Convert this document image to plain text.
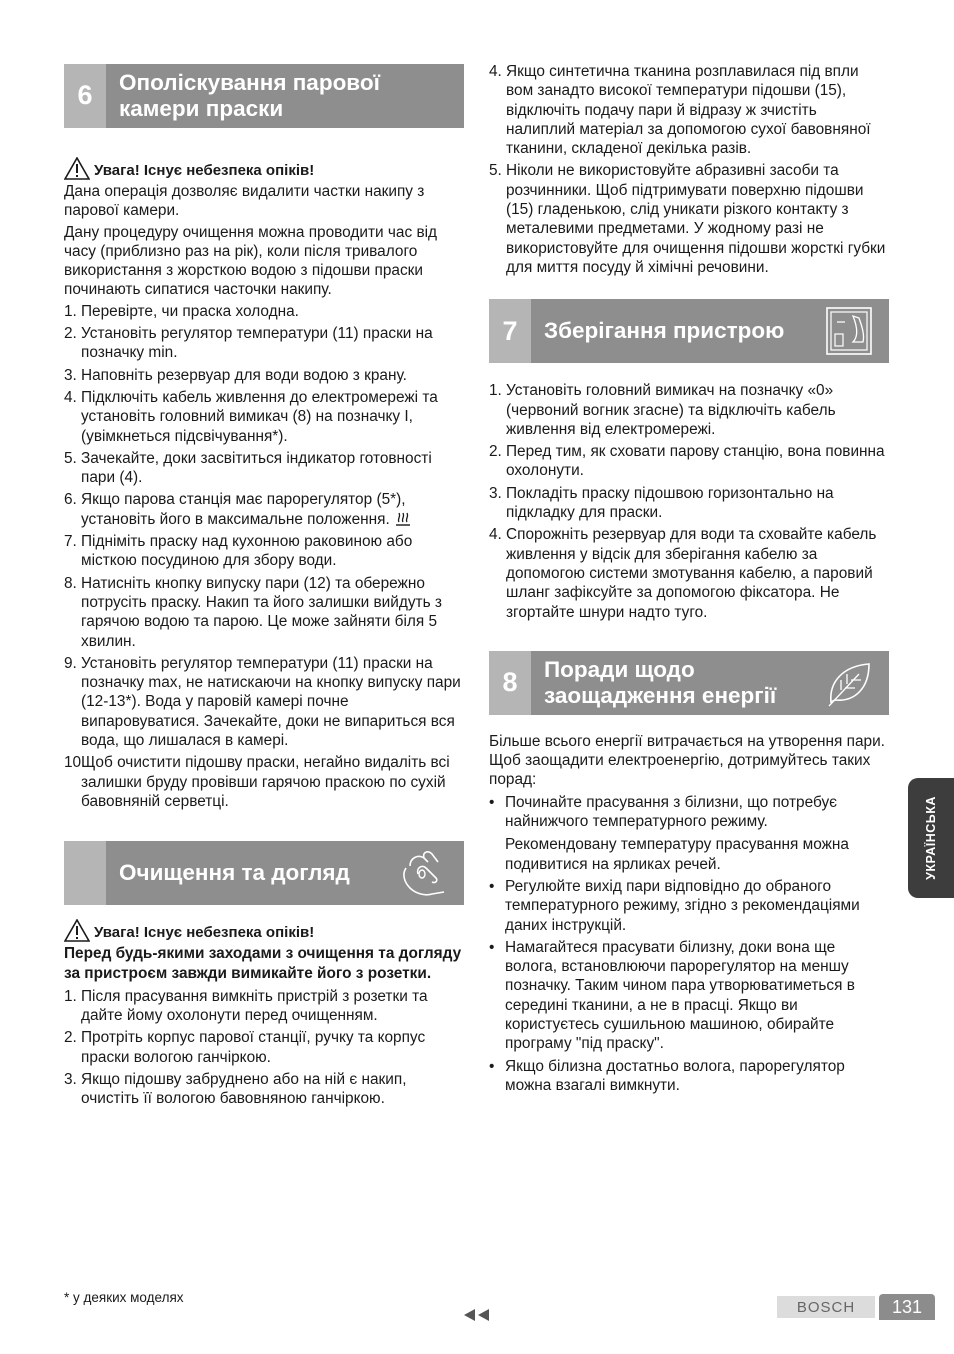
6	Ополіскування парової
камери праски
Увага! Існує небезпека опіків!

Дана операція дозволяє видалити частки накипу з парової камери.

Дану процедуру очищення можна проводити час від часу (приблизно раз на рік), коли після тривалого використання з жорсткою водою з підошви праски починають сипатися часточки накипу.

1. Перевірте, чи праска холодна.
2. Установіть регулятор температури (11) праски на позначку min.
3. Наповніть резервуар для води водою з крану.
4. Підключіть кабель живлення до електромережі та установіть головний вимикач (8) на позначку I, (увімкнеться підсвічування*).
5. Зачекайте, доки засвітиться індикатор готовності пари (4).
6. Якщо парова станція має парорегулятор (5*), установіть його в максимальне положення.
7. Підніміть праску над кухонною раковиною або місткою посудиною для збору води.
8. Натисніть кнопку випуску пари (12) та обережно потрусіть праску. Накип та його залишки вийдуть з гарячою водою та парою. Це може зайняти біля 5 хвилин.
9. Установіть регулятор температури (11) праски на позначку max, не натискаючи на кнопку випуску пари (12-13*). Вода у паровій камері почне випаровуватися. Зачекайте, доки не випариться вся вода, що лишалася в камері.
10.
Щоб очистити підошву праски, негайно видаліть всі залишки бруду провівши гарячою праскою по сухій бавовняній серветці.
Очищення та догляд
Увага! Існує небезпека опіків!

Перед будь-якими заходами з очищення та догляду за пристроєм завжди вимикайте його з розетки.

1. Після прасування вимкніть пристрій з розетки та дайте йому охолонути перед очищенням.
2. Протріть корпус парової станції, ручку та корпус праски вологою ганчіркою.
3. Якщо підошву забруднено або на ній є накип, очистіть її вологою бавовняною ганчіркою.
4. Якщо синтетична тканина розплавилася під впли вом занадто високої температури підошви (15), відключіть подачу пари й відразу ж зчистіть налиплий матеріал за допомогою сухої бавовняної тканини, складеної декілька разів.
5. Ніколи не використовуйте абразивні засоби та розчинники. Щоб підтримувати поверхню підошви (15) гладенькою, слід уникати різкого контакту з металевими предметами. У жодному разі не використовуйте для очищення підошви жорсткі губки для миття посуду й хімічні речовини.
7	Зберігання пристрою
1. Установіть головний вимикач на позначку «0» (червоний вогник згасне) та відключіть кабель живлення від електромережі.
2. Перед тим, як сховати парову станцію, вона повинна охолонути.
3. Покладіть праску підошвою горизонтально на підкладку для праски.
4. Спорожніть резервуар для води та сховайте кабель живлення у відсік для зберігання кабелю за допомогою системи змотування кабелю, а паровий шланг зафіксуйте за допомогою фіксатора. Не згортайте шнури надто туго.
8	Поради щодо
заощадження енергії

Більше всього енергії витрачається на утворення пари. Щоб заощадити електроенергію, дотримуйтесь таких порад:

• Починайте прасування з білизни, що потребує найнижчого температурного режиму.
Рекомендовану температуру прасування можна подивитися на ярликах речей.
• Регулюйте вихід пари відповідно до обраного температурного режиму, згідно з рекомендаціями даних інструкцій.
• Намагайтеся прасувати білизну, доки вона ще волога, встановлюючи парорегулятор на меншу позначку. Таким чином пара утворюватиметься в середині тканини, а не в прасці. Якщо ви користуєтесь сушильною машиною, обирайте програму "під праску".
• Якщо білизна достатньо волога, парорегулятор можна взагалі вимкнути.
УКРАЇНСЬКА
* у деяких моделях
BOSCH	131
